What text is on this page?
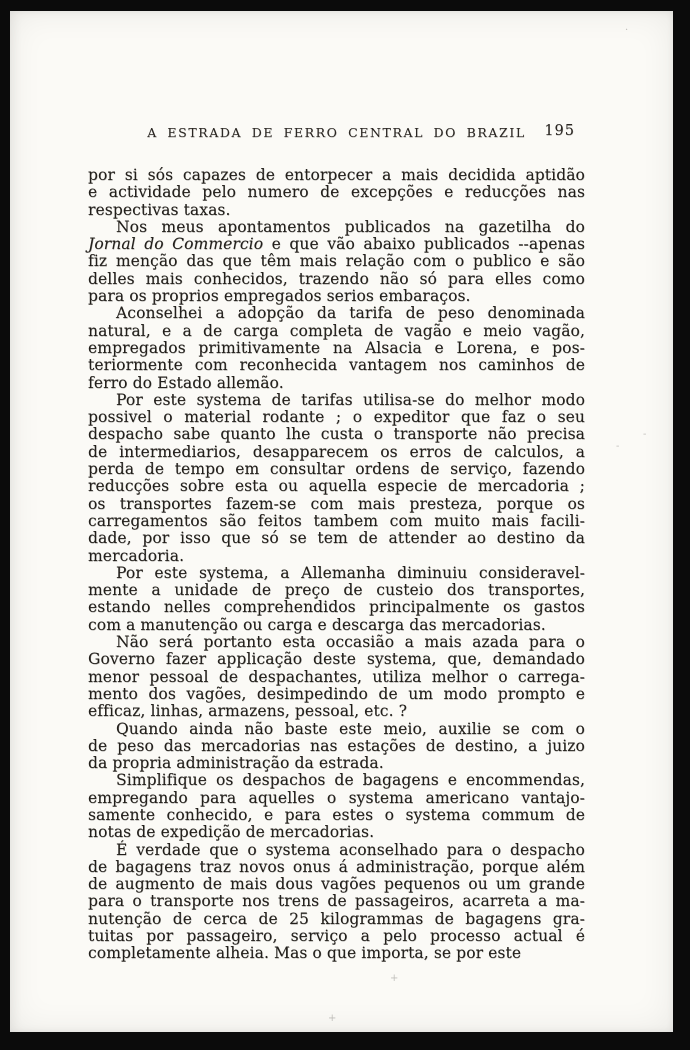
A ESTRADA DE FERRO CENTRAL DO BRAZIL	195
por si sós capazes de entorpecer a mais decidida aptidão
e actividade pelo numero de excepções e reducções nas
respectivas taxas.
Nos meus apontamentos publicados na gazetilha do
Jornal do Commercio e que vão abaixo publicados --apenas
fiz menção das que têm mais relação com o publico e são
delles mais conhecidos, trazendo não só para elles como
para os proprios empregados serios embaraços.
Aconselhei a adopção da tarifa de peso denominada
natural, e a de carga completa de vagão e meio vagão,
empregados primitivamente na Alsacia e Lorena, e pos-
teriormente com reconhecida vantagem nos caminhos de
ferro do Estado allemão.
Por este systema de tarifas utilisa-se do melhor modo
possivel o material rodante ; o expeditor que faz o seu
despacho sabe quanto lhe custa o transporte não precisa
de intermediarios, desapparecem os erros de calculos, a
perda de tempo em consultar ordens de serviço, fazendo
reducções sobre esta ou aquella especie de mercadoria ;
os transportes fazem-se com mais presteza, porque os
carregamentos são feitos tambem com muito mais facili-
dade, por isso que só se tem de attender ao destino da
mercadoria.
Por este systema, a Allemanha diminuiu consideravel-
mente a unidade de preço de custeio dos transportes,
estando nelles comprehendidos principalmente os gastos
com a manutenção ou carga e descarga das mercadorias.
Não será portanto esta occasião a mais azada para o
Governo fazer applicação deste systema, que, demandado
menor pessoal de despachantes, utiliza melhor o carrega-
mento dos vagões, desimpedindo de um modo prompto e
efficaz, linhas, armazens, pessoal, etc. ?
Quando ainda não baste este meio, auxilie se com o
de peso das mercadorias nas estações de destino, a juizo
da propria administração da estrada.
Simplifique os despachos de bagagens e encommendas,
empregando para aquelles o systema americano vantajo-
samente conhecido, e para estes o systema commum de
notas de expedição de mercadorias.
É verdade que o systema aconselhado para o despacho
de bagagens traz novos onus á administração, porque além
de augmento de mais dous vagões pequenos ou um grande
para o transporte nos trens de passageiros, acarreta a ma-
nutenção de cerca de 25 kilogrammas de bagagens gra-
tuitas por passageiro, serviço a pelo processo actual é
completamente alheia. Mas o que importa, se por este
·
-
-
+
+
